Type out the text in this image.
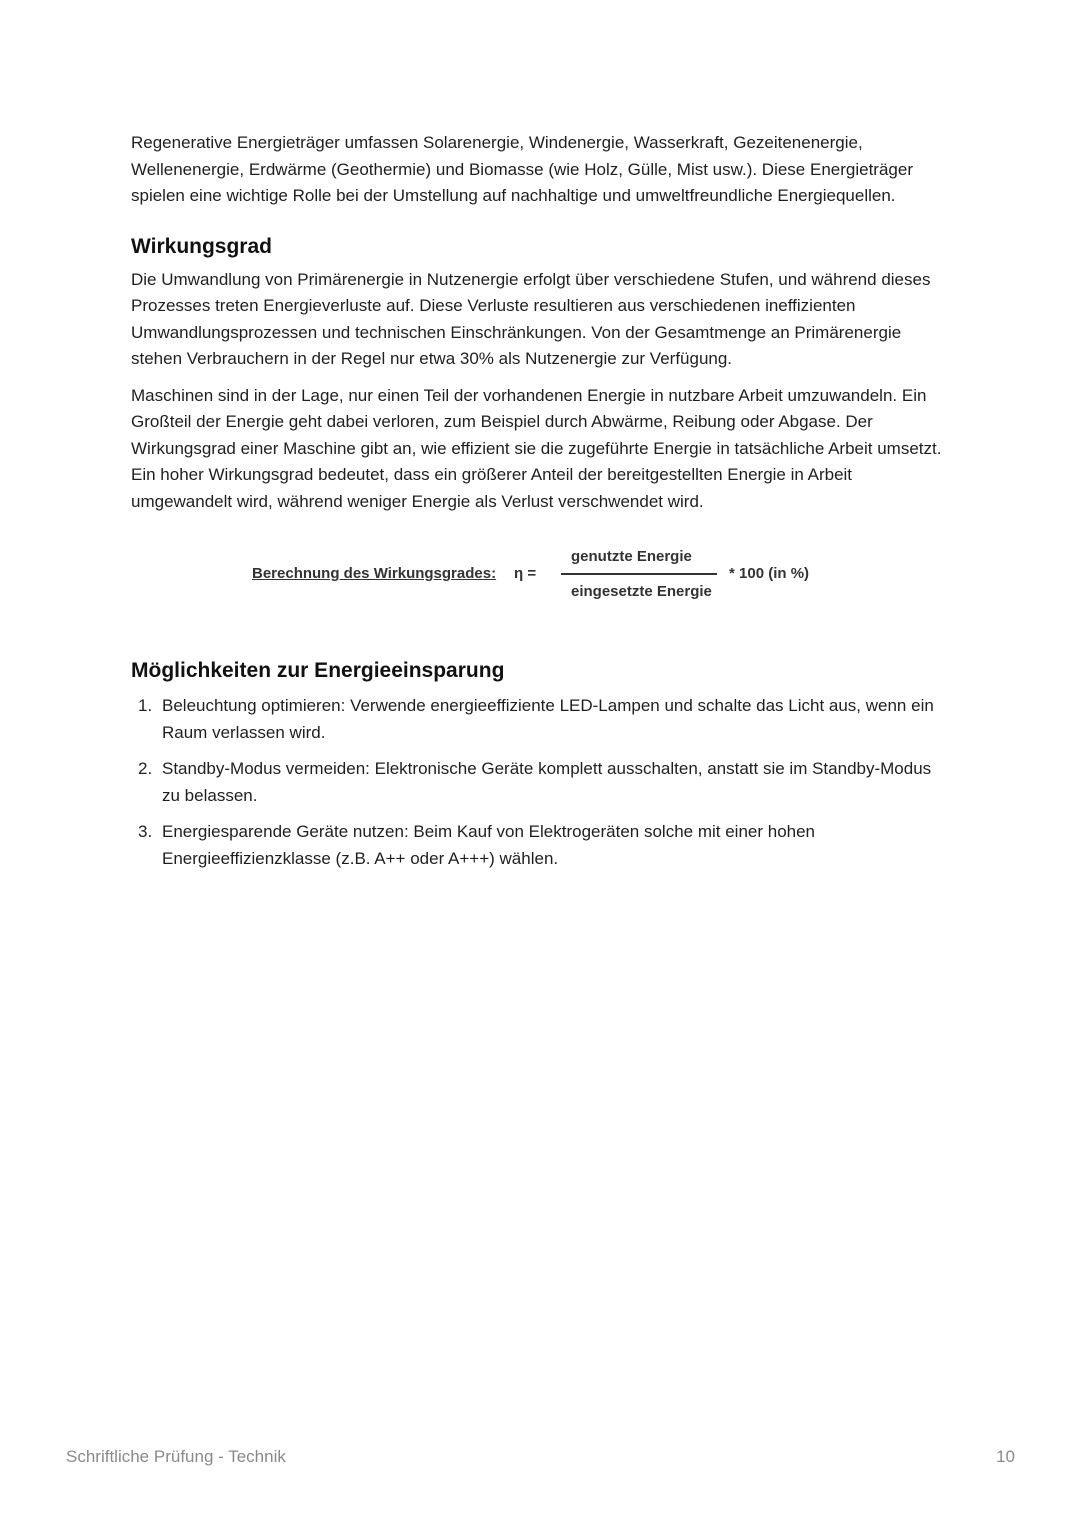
Regenerative Energieträger umfassen Solarenergie, Windenergie, Wasserkraft, Gezeitenenergie, Wellenenergie, Erdwärme (Geothermie) und Biomasse (wie Holz, Gülle, Mist usw.). Diese Energieträger spielen eine wichtige Rolle bei der Umstellung auf nachhaltige und umweltfreundliche Energiequellen.

Wirkungsgrad

Die Umwandlung von Primärenergie in Nutzenergie erfolgt über verschiedene Stufen, und während dieses Prozesses treten Energieverluste auf. Diese Verluste resultieren aus verschiedenen ineffizienten Umwandlungsprozessen und technischen Einschränkungen. Von der Gesamtmenge an Primärenergie stehen Verbrauchern in der Regel nur etwa 30% als Nutzenergie zur Verfügung.

Maschinen sind in der Lage, nur einen Teil der vorhandenen Energie in nutzbare Arbeit umzuwandeln. Ein Großteil der Energie geht dabei verloren, zum Beispiel durch Abwärme, Reibung oder Abgase. Der Wirkungsgrad einer Maschine gibt an, wie effizient sie die zugeführte Energie in tatsächliche Arbeit umsetzt. Ein hoher Wirkungsgrad bedeutet, dass ein größerer Anteil der bereitgestellten Energie in Arbeit umgewandelt wird, während weniger Energie als Verlust verschwendet wird.

Berechnung des Wirkungsgrades: η =
genutzte Energie
eingesetzte Energie
* 100 (in %)
Möglichkeiten zur Energieeinsparung
1. Beleuchtung optimieren: Verwende energieeffiziente LED-Lampen und schalte das Licht aus, wenn ein Raum verlassen wird.
2. Standby-Modus vermeiden: Elektronische Geräte komplett ausschalten, anstatt sie im Standby-Modus zu belassen.
3. Energiesparende Geräte nutzen: Beim Kauf von Elektrogeräten solche mit einer hohen Energieeffizienzklasse (z.B. A++ oder A+++) wählen.
Schriftliche Prüfung - Technik	10
